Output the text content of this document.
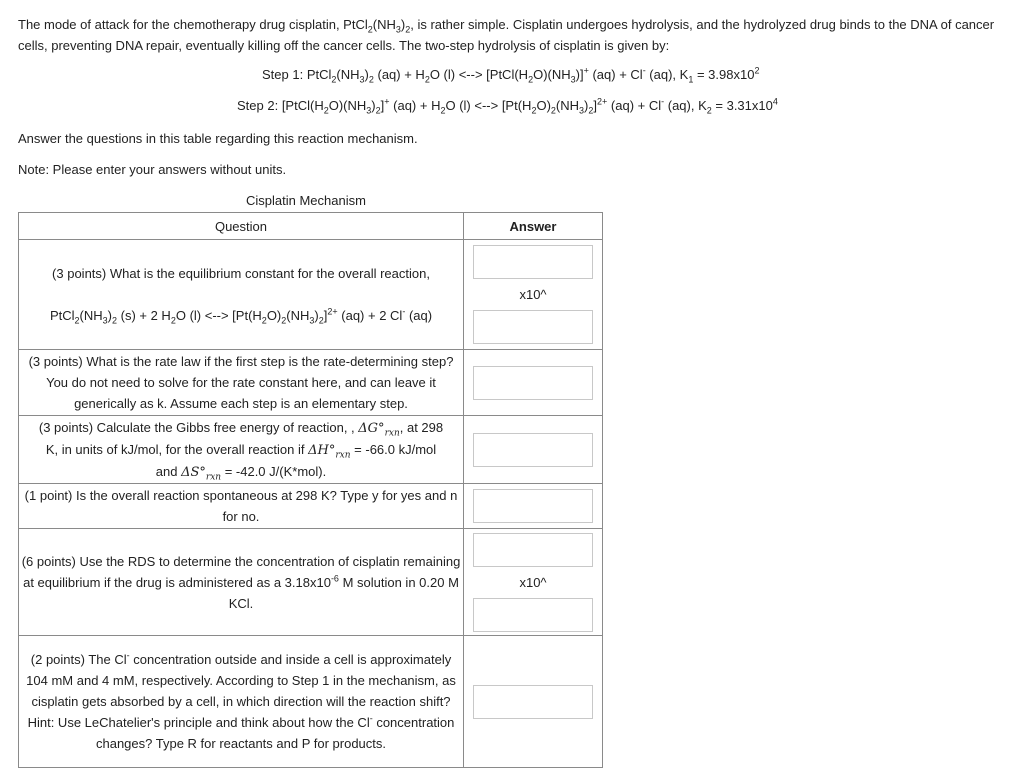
The mode of attack for the chemotherapy drug cisplatin, $PtCl_2(NH_3)_2$, is rather simple. Cisplatin undergoes hydrolysis, and the hydrolyzed drug binds to the DNA of cancer cells, preventing DNA repair, eventually killing off the cancer cells. The two-step hydrolysis of cisplatin is given by:
Step 1: $PtCl_2(NH_3)_2$ $(aq) + H_2O$ (l) <--> $[PtCl(H_2O)(NH_3)]^+$ (aq) + Cl- (aq), $K_1 = 3.98x10^2$
Step 2: $[PtCl(H_2O)(NH_3)_2]^+$ $(aq) + H_2O$ (l) <--> $[Pt(H_2O)_2(NH_3)_2]^{2+}$ (aq) + Cl- (aq), $K_2 = 3.31x10^4$
Answer the questions in this table regarding this reaction mechanism.
Note: Please enter your answers without units.
Cisplatin Mechanism
Question	Answer
(3 points) What is the equilibrium constant for the overall reaction,

$PtCl_2(NH_3)_2$ (s) + 2 $H_2O$ (l) <--> $[Pt(H_2O)_2(NH_3)_2]^{2+}$ (aq) + 2 Cl- (aq)	x10^

(3 points) What is the rate law if the first step is the rate-determining step? You do not need to solve for the rate constant here, and can leave it generically as k. Assume each step is an elementary step.	

(3 points) Calculate the Gibbs free energy of reaction, , $\Delta G^\circ_{rxn}$, at 298
K, in units of kJ/mol, for the overall reaction if $\Delta H^\circ_{rxn} = -66.0$ kJ/mol
and $\Delta S^\circ_{rxn} = -42.0$ J/(K*mol).	

(1 point) Is the overall reaction spontaneous at 298 K? Type y for yes and n for no.	

(6 points) Use the RDS to determine the concentration of cisplatin remaining at equilibrium if the drug is administered as a $3.18x10^{-6}$ M solution in 0.20 M KCl.	x10^

(2 points) The Cl- concentration outside and inside a cell is approximately 104 mM and 4 mM, respectively. According to Step 1 in the mechanism, as cisplatin gets absorbed by a cell, in which direction will the reaction shift? Hint: Use LeChatelier's principle and think about how the Cl- concentration changes? Type R for reactants and P for products.	
